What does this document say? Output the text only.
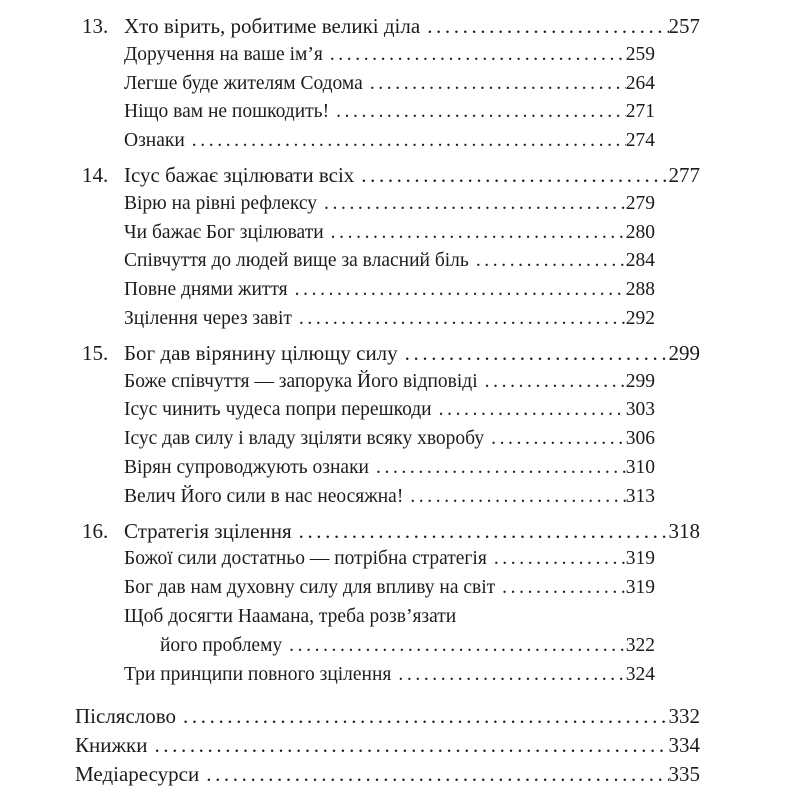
13. Хто вірить, робитиме великі діла .....	257
Доручення на ваше ім’я .....	259
Легше буде жителям Содома .....	264
Ніщо вам не пошкодить! .....	271
Ознаки .....	274
14. Ісус бажає зцілювати всіх .....	277
Вірю на рівні рефлексу .....	279
Чи бажає Бог зцілювати .....	280
Співчуття до людей вище за власний біль .....	284
Повне днями життя .....	288
Зцілення через завіт .....	292
15. Бог дав вірянину цілющу силу .....	299
Боже співчуття — запорука Його відповіді .....	299
Ісус чинить чудеса попри перешкоди .....	303
Ісус дав силу і владу зціляти всяку хворобу .....	306
Вірян супроводжують ознаки .....	310
Велич Його сили в нас неосяжна! .....	313
16. Стратегія зцілення .....	318
Божої сили достатньо — потрібна стратегія .....	319
Бог дав нам духовну силу для впливу на світ .....	319
Щоб досягти Наамана, треба розв’язати
його проблему .....	322
Три принципи повного зцілення .....	324
Післяслово .....	332
Книжки .....	334
Медіаресурси .....	335
